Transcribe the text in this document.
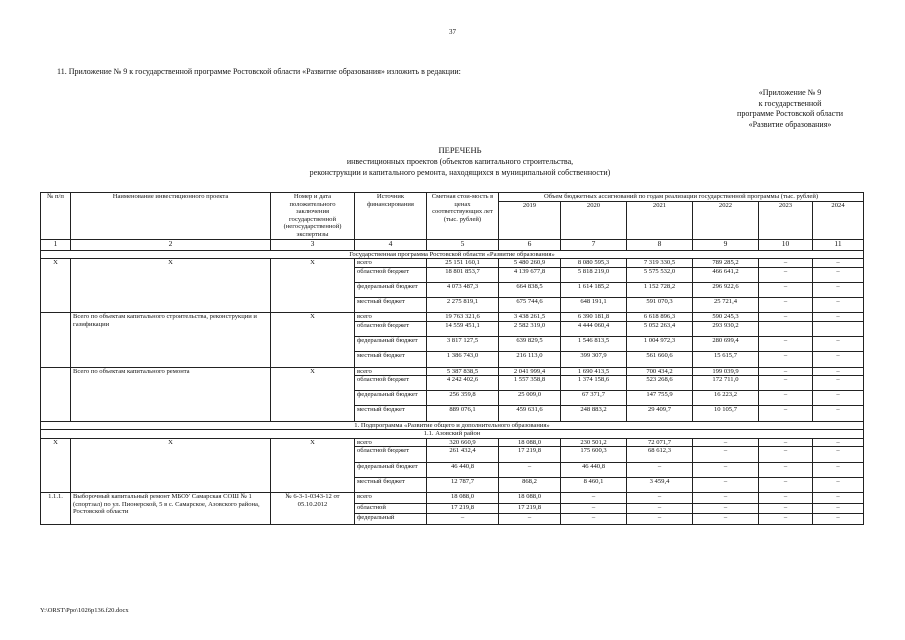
37
11. Приложение № 9 к государственной программе Ростовской области «Развитие образования» изложить в редакции:
«Приложение № 9
к государственной
программе Ростовской области
«Развитие образования»
ПЕРЕЧЕНЬ
инвестиционных проектов (объектов капитального строительства,
реконструкции и капитального ремонта, находящихся в муниципальной собственности)
№ п/п	Наименование инвестиционного проекта	Номер и дата положительного заключения государственной (негосударственной) экспертизы	Источник финансирования	Сметная стои-мость в ценах соответствующих лет (тыс. рублей)	Объем бюджетных ассигнований по годам реализации государственной программы (тыс. рублей)					
					2019	2020	2021	2022	2023	2024
1	2	3	4	5	6	7	8	9	10	11
Государственная программа Ростовской области «Развитие образования»										
X	X	X	всего	25 151 160,1	5 480 260,9	8 080 595,3	7 319 330,5	789 285,2	–	–
			областной бюджет	18 801 853,7	4 139 677,8	5 818 219,0	5 575 532,0	466 641,2	–	–
			федеральный бюджет	4 073 487,3	664 838,5	1 614 185,2	1 152 728,2	296 922,6	–	–
			местный бюджет	2 275 819,1	675 744,6	648 191,1	591 070,3	25 721,4	–	–
	Всего по объектам капитального строительства, реконструкции и газификации	X	всего	19 763 321,6	3 438 261,5	6 390 181,8	6 618 896,3	590 245,3	–	–
			областной бюджет	14 559 451,1	2 582 319,0	4 444 060,4	5 052 263,4	293 930,2		
			федеральный бюджет	3 817 127,5	639 829,5	1 546 813,5	1 004 972,3	280 699,4	–	–
			местный бюджет	1 386 743,0	216 113,0	399 307,9	561 660,6	15 615,7	–	–
	Всего по объектам капитального ремонта	X	всего	5 387 838,5	2 041 999,4	1 690 413,5	700 434,2	199 039,9	–	–
			областной бюджет	4 242 402,6	1 557 358,8	1 374 158,6	523 268,6	172 711,0	–	–
			федеральный бюджет	256 359,8	25 009,0	67 371,7	147 755,9	16 223,2	–	–
			местный бюджет	889 076,1	459 631,6	248 883,2	29 409,7	10 105,7	–	–
1. Подпрограмма «Развитие общего и дополнительного образования»										
1.1. Азовский район										
X	X	X	всего	320 660,9	18 088,0	230 501,2	72 071,7	–	–	–
			областной бюджет	261 432,4	17 219,8	175 600,3	68 612,3	–	–	–
			федеральный бюджет	46 440,8	–	46 440,8	–	–	–	–
			местный бюджет	12 787,7	868,2	8 460,1	3 459,4	–	–	–
1.1.1.	Выборочный капитальный ремонт МБОУ Самарская СОШ № 1 (спортзал) по ул. Пионерской, 5 в с. Самарское, Азовского района, Ростовской области	№ 6-3-1-0343-12 от 05.10.2012	всего	18 088,0	18 088,0	–	–	–	–	–
			областной	17 219,8	17 219,8	–	–	–	–	–
			федеральный	–	–	–	–	–	–	–
Y:\ORST\Ppo\1026p136.f20.docx
